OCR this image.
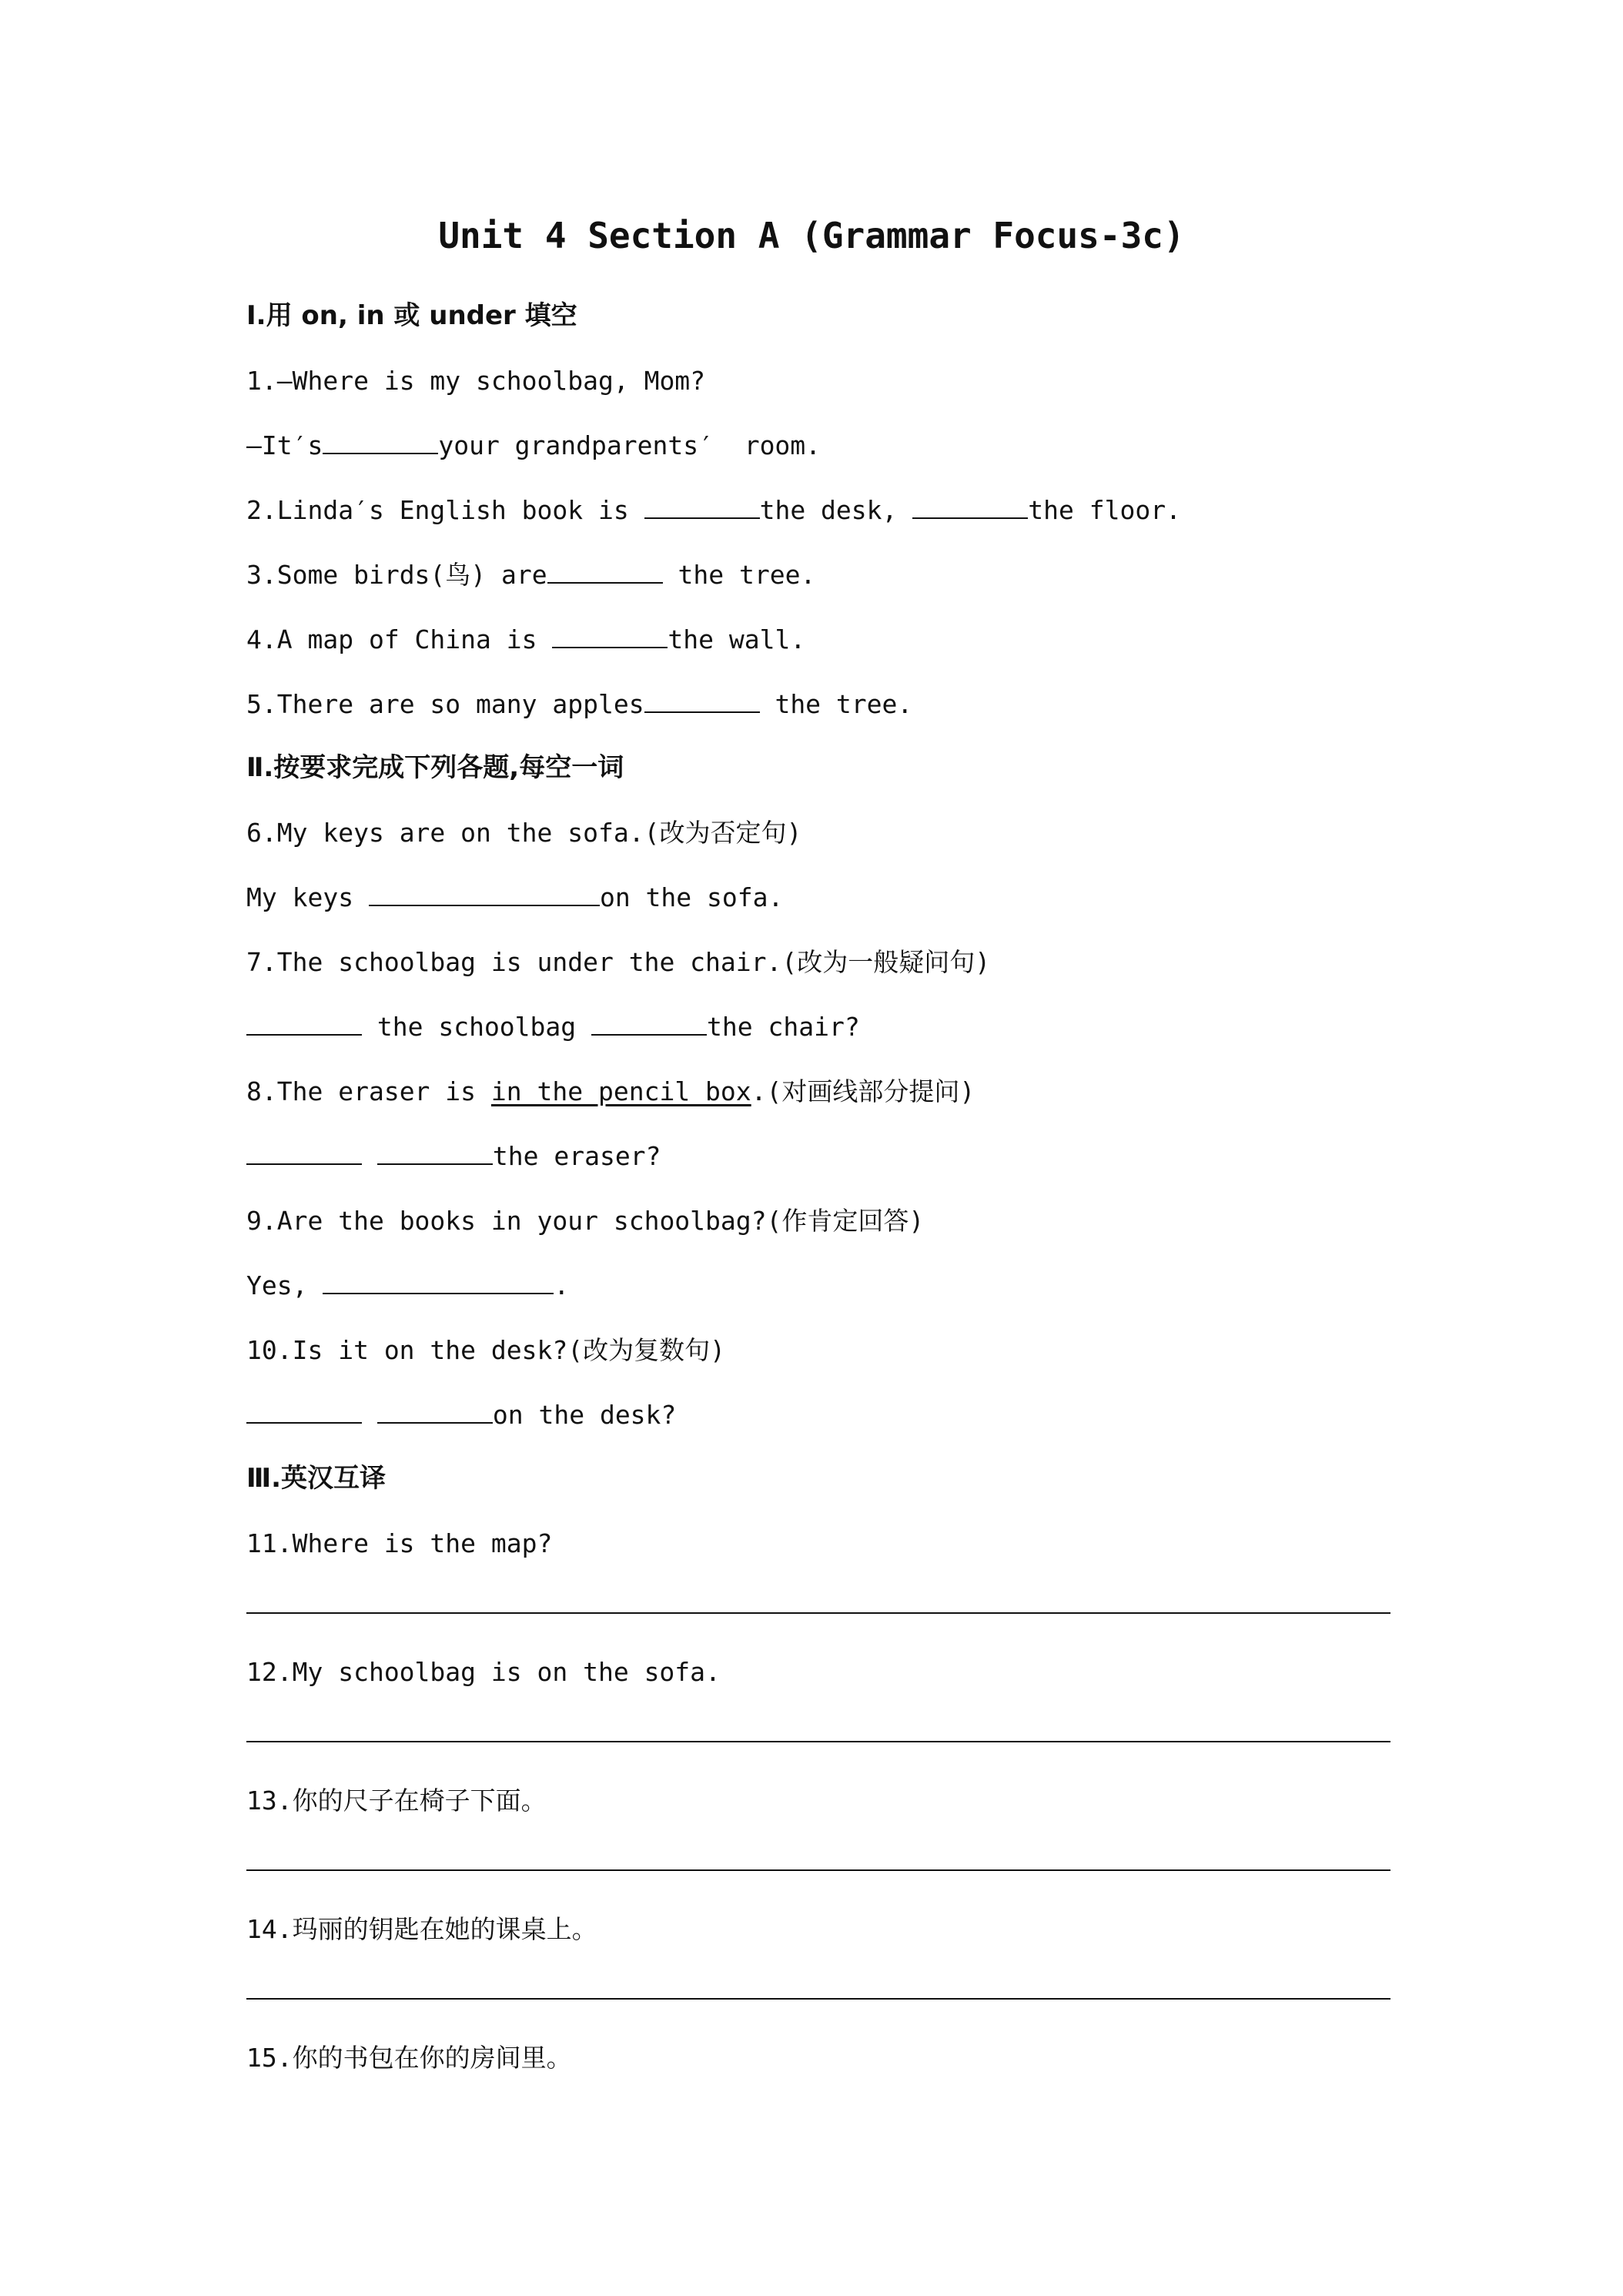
Unit 4 Section A (Grammar Focus-3c)
Ⅰ.用 on, in 或 under 填空
1.—Where is my schoolbag, Mom?
—It′s	your grandparents′  room.
2.Linda′s English book is	the desk,	the floor.
3.Some birds(鸟) are	the tree.
4.A map of China is	the wall.
5.There are so many apples	the tree.
Ⅱ.按要求完成下列各题,每空一词
6.My keys are on the sofa.(改为否定句)
My keys	on the sofa.
7.The schoolbag is under the chair.(改为一般疑问句)
the schoolbag	the chair?
8.The eraser is in the pencil box.(对画线部分提问)
the eraser?
9.Are the books in your schoolbag?(作肯定回答)
Yes,	.
10.Is it on the desk?(改为复数句)
on the desk?
Ⅲ.英汉互译
11.Where is the map?
12.My schoolbag is on the sofa.
13.你的尺子在椅子下面。
14.玛丽的钥匙在她的课桌上。
15.你的书包在你的房间里。
